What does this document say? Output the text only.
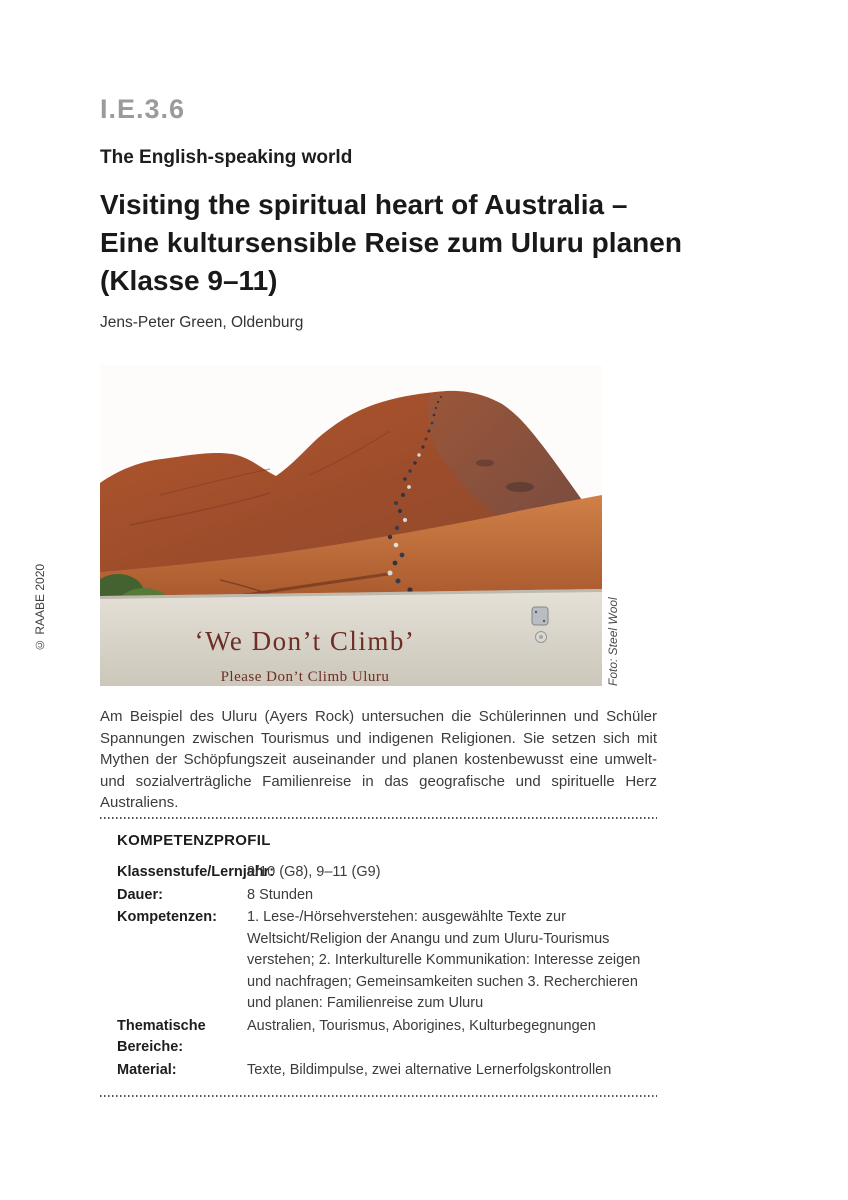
I.E.3.6
The English-speaking world
Visiting the spiritual heart of Australia –
Eine kultursensible Reise zum Uluru planen
(Klasse 9–11)
Jens-Peter Green, Oldenburg
© RAABE 2020	‘We Don’t Climb’
Please Don’t Climb Uluru	Foto: Steel Wool

Am Beispiel des Uluru (Ayers Rock) untersuchen die Schülerinnen und Schüler Spannungen zwischen Tourismus und indigenen Religionen. Sie setzen sich mit Mythen der Schöpfungszeit auseinander und planen kostenbewusst eine umwelt- und sozialverträgliche Familienreise in das geografische und spirituelle Herz Australiens.

KOMPETENZPROFIL
Klassenstufe/Lernjahr:
9/10 (G8), 9–11 (G9)
Dauer:	8 Stunden
Kompetenzen:	1. Lese-/Hörsehverstehen: ausgewählte Texte zur Weltsicht/Religion der Anangu und zum Uluru-Tourismus verstehen; 2. Interkulturelle Kommunikation: Interesse zeigen und nachfragen; Gemeinsamkeiten suchen 3. Recherchieren und planen: Familienreise zum Uluru
Thematische Bereiche:
Australien, Tourismus, Aborigines, Kulturbegegnungen
Material:	Texte, Bildimpulse, zwei alternative Lernerfolgskontrollen
